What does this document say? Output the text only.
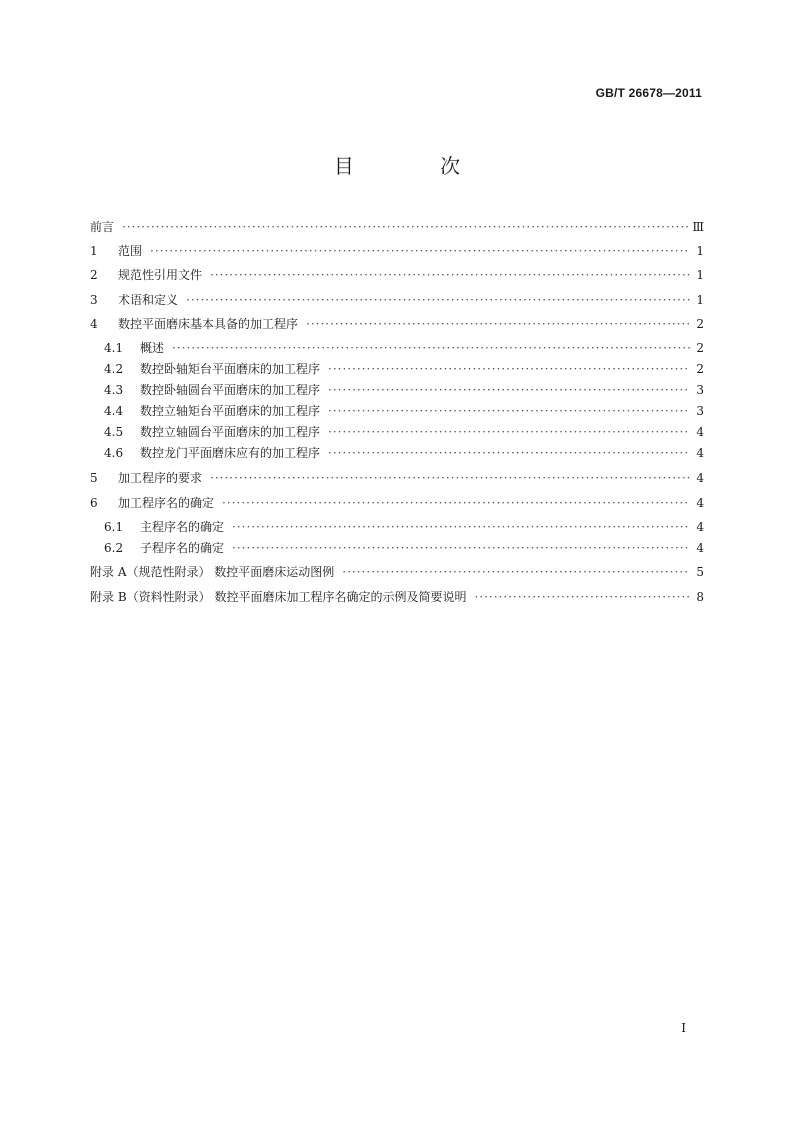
GB/T 26678—2011
目 次
前言 ·····	Ⅲ
1	范围 ·····	1
2	规范性引用文件 ·····	1
3	术语和定义 ·····	1
4	数控平面磨床基本具备的加工程序 ·····	2
4.1	概述 ·····	2
4.2	数控卧轴矩台平面磨床的加工程序 ·····	2
4.3	数控卧轴圆台平面磨床的加工程序 ·····	3
4.4	数控立轴矩台平面磨床的加工程序 ·····	3
4.5	数控立轴圆台平面磨床的加工程序 ·····	4
4.6	数控龙门平面磨床应有的加工程序 ·····	4
5	加工程序的要求 ·····	4
6	加工程序名的确定 ·····	4
6.1	主程序名的确定 ·····	4
6.2	子程序名的确定 ·····	4
附录 A（规范性附录） 数控平面磨床运动图例 ·····	5
附录 B（资料性附录） 数控平面磨床加工程序名确定的示例及简要说明 ·····	8
I
